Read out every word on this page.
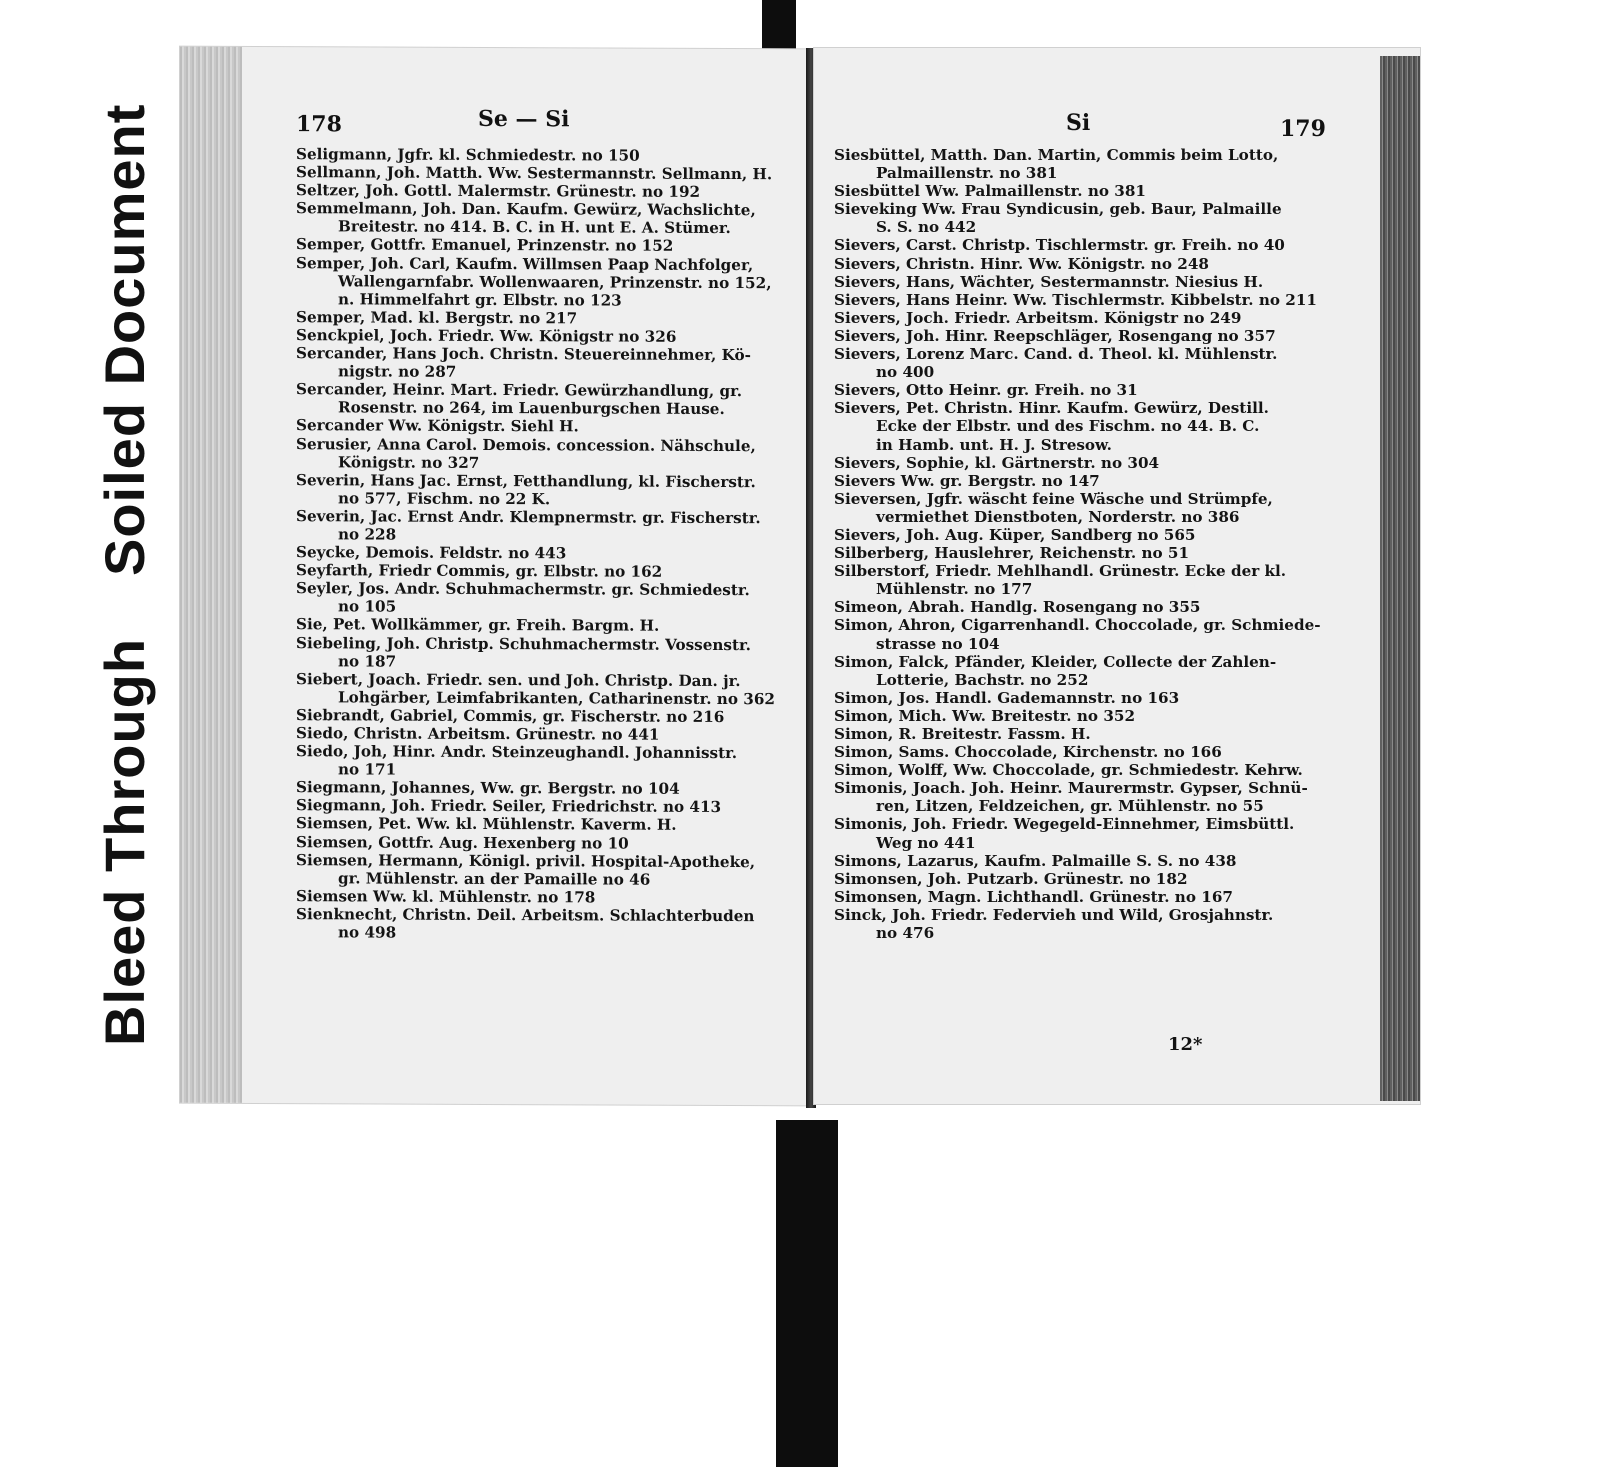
Soiled Document
Bleed Through
178	Se — Si
Seligmann, Jgfr. kl. Schmiedestr. no 150
Sellmann, Joh. Matth. Ww. Sestermannstr. Sellmann, H.
Seltzer, Joh. Gottl. Malermstr. Grünestr. no 192
Semmelmann, Joh. Dan. Kaufm. Gewürz, Wachslichte,
Breitestr. no 414. B. C. in H. unt E. A. Stümer.
Semper, Gottfr. Emanuel, Prinzenstr. no 152
Semper, Joh. Carl, Kaufm. Willmsen Paap Nachfolger,
Wallengarnfabr. Wollenwaaren, Prinzenstr. no 152,
n. Himmelfahrt gr. Elbstr. no 123
Semper, Mad. kl. Bergstr. no 217
Senckpiel, Joch. Friedr. Ww. Königstr no 326
Sercander, Hans Joch. Christn. Steuereinnehmer, Kö-
nigstr. no 287
Sercander, Heinr. Mart. Friedr. Gewürzhandlung, gr.
Rosenstr. no 264, im Lauenburgschen Hause.
Sercander Ww. Königstr. Siehl H.
Serusier, Anna Carol. Demois. concession. Nähschule,
Königstr. no 327
Severin, Hans Jac. Ernst, Fetthandlung, kl. Fischerstr.
no 577, Fischm. no 22 K.
Severin, Jac. Ernst Andr. Klempnermstr. gr. Fischerstr.
no 228
Seycke, Demois. Feldstr. no 443
Seyfarth, Friedr Commis, gr. Elbstr. no 162
Seyler, Jos. Andr. Schuhmachermstr. gr. Schmiedestr.
no 105
Sie, Pet. Wollkämmer, gr. Freih. Bargm. H.
Siebeling, Joh. Christp. Schuhmachermstr. Vossenstr.
no 187
Siebert, Joach. Friedr. sen. und Joh. Christp. Dan. jr.
Lohgärber, Leimfabrikanten, Catharinenstr. no 362
Siebrandt, Gabriel, Commis, gr. Fischerstr. no 216
Siedo, Christn. Arbeitsm. Grünestr. no 441
Siedo, Joh, Hinr. Andr. Steinzeughandl. Johannisstr.
no 171
Siegmann, Johannes, Ww. gr. Bergstr. no 104
Siegmann, Joh. Friedr. Seiler, Friedrichstr. no 413
Siemsen, Pet. Ww. kl. Mühlenstr. Kaverm. H.
Siemsen, Gottfr. Aug. Hexenberg no 10
Siemsen, Hermann, Königl. privil. Hospital-Apotheke,
gr. Mühlenstr. an der Pamaille no 46
Siemsen Ww. kl. Mühlenstr. no 178
Sienknecht, Christn. Deil. Arbeitsm. Schlachterbuden
no 498
Si	179
Siesbüttel, Matth. Dan. Martin, Commis beim Lotto,
Palmaillenstr. no 381
Siesbüttel Ww. Palmaillenstr. no 381
Sieveking Ww. Frau Syndicusin, geb. Baur, Palmaille
S. S. no 442
Sievers, Carst. Christp. Tischlermstr. gr. Freih. no 40
Sievers, Christn. Hinr. Ww. Königstr. no 248
Sievers, Hans, Wächter, Sestermannstr. Niesius H.
Sievers, Hans Heinr. Ww. Tischlermstr. Kibbelstr. no 211
Sievers, Joch. Friedr. Arbeitsm. Königstr no 249
Sievers, Joh. Hinr. Reepschläger, Rosengang no 357
Sievers, Lorenz Marc. Cand. d. Theol. kl. Mühlenstr.
no 400
Sievers, Otto Heinr. gr. Freih. no 31
Sievers, Pet. Christn. Hinr. Kaufm. Gewürz, Destill.
Ecke der Elbstr. und des Fischm. no 44. B. C.
in Hamb. unt. H. J. Stresow.
Sievers, Sophie, kl. Gärtnerstr. no 304
Sievers Ww. gr. Bergstr. no 147
Sieversen, Jgfr. wäscht feine Wäsche und Strümpfe,
vermiethet Dienstboten, Norderstr. no 386
Sievers, Joh. Aug. Küper, Sandberg no 565
Silberberg, Hauslehrer, Reichenstr. no 51
Silberstorf, Friedr. Mehlhandl. Grünestr. Ecke der kl.
Mühlenstr. no 177
Simeon, Abrah. Handlg. Rosengang no 355
Simon, Ahron, Cigarrenhandl. Choccolade, gr. Schmiede-
strasse no 104
Simon, Falck, Pfänder, Kleider, Collecte der Zahlen-
Lotterie, Bachstr. no 252
Simon, Jos. Handl. Gademannstr. no 163
Simon, Mich. Ww. Breitestr. no 352
Simon, R. Breitestr. Fassm. H.
Simon, Sams. Choccolade, Kirchenstr. no 166
Simon, Wolff, Ww. Choccolade, gr. Schmiedestr. Kehrw.
Simonis, Joach. Joh. Heinr. Maurermstr. Gypser, Schnü-
ren, Litzen, Feldzeichen, gr. Mühlenstr. no 55
Simonis, Joh. Friedr. Wegegeld-Einnehmer, Eimsbüttl.
Weg no 441
Simons, Lazarus, Kaufm. Palmaille S. S. no 438
Simonsen, Joh. Putzarb. Grünestr. no 182
Simonsen, Magn. Lichthandl. Grünestr. no 167
Sinck, Joh. Friedr. Federvieh und Wild, Grosjahnstr.
no 476
12*
